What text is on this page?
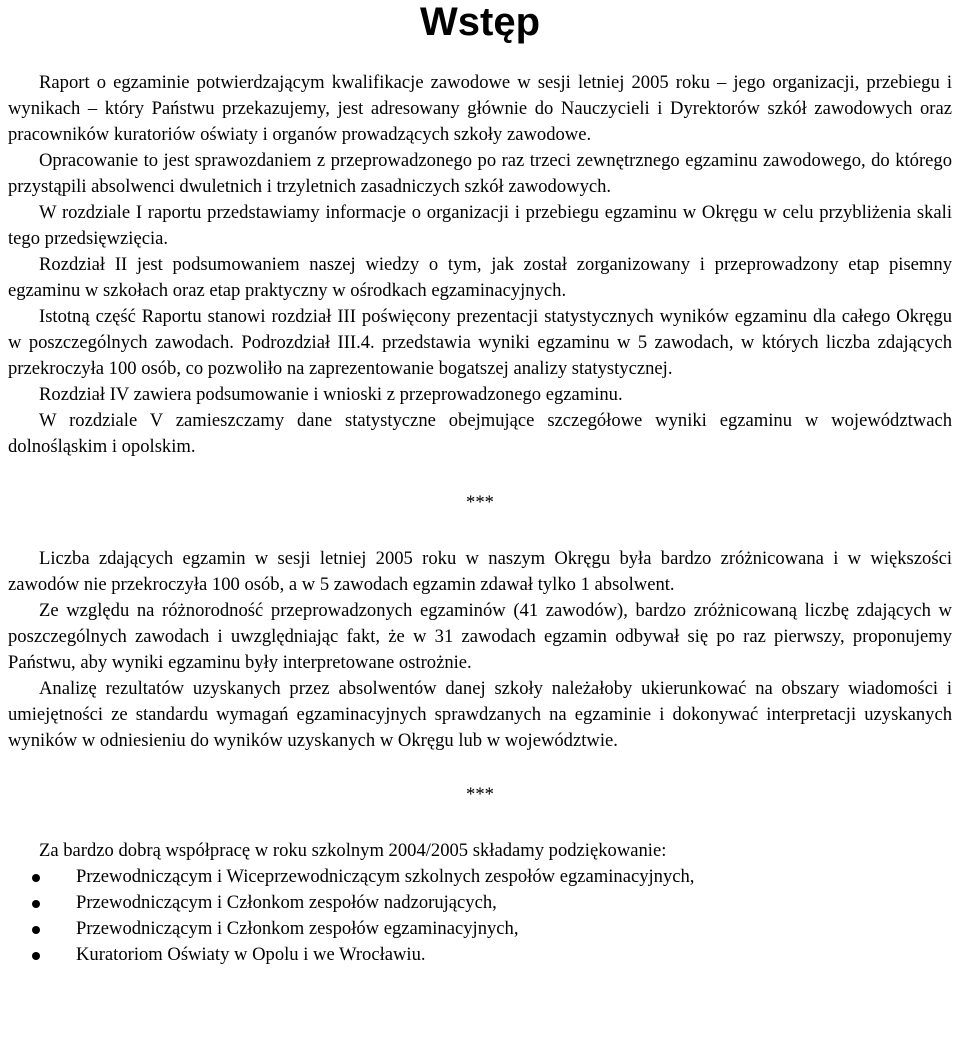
Wstęp

Raport o egzaminie potwierdzającym kwalifikacje zawodowe w sesji letniej 2005 roku – jego organizacji, przebiegu i wynikach – który Państwu przekazujemy, jest adresowany głównie do Nauczycieli i Dyrektorów szkół zawodowych oraz pracowników kuratoriów oświaty i organów prowadzących szkoły zawodowe.

Opracowanie to jest sprawozdaniem z przeprowadzonego po raz trzeci zewnętrznego egzaminu zawodowego, do którego przystąpili absolwenci dwuletnich i trzyletnich zasadniczych szkół zawodowych.

W rozdziale I raportu przedstawiamy informacje o organizacji i przebiegu egzaminu w Okręgu w celu przybliżenia skali tego przedsięwzięcia.

Rozdział II jest podsumowaniem naszej wiedzy o tym, jak został zorganizowany i przeprowadzony etap pisemny egzaminu w szkołach oraz etap praktyczny w ośrodkach egzaminacyjnych.

Istotną część Raportu stanowi rozdział III poświęcony prezentacji statystycznych wyników egzaminu dla całego Okręgu w poszczególnych zawodach. Podrozdział III.4. przedstawia wyniki egzaminu w 5 zawodach, w których liczba zdających przekroczyła 100 osób, co pozwoliło na zaprezentowanie bogatszej analizy statystycznej.

Rozdział IV zawiera podsumowanie i wnioski z przeprowadzonego egzaminu.

W rozdziale V zamieszczamy dane statystyczne obejmujące szczegółowe wyniki egzaminu w województwach dolnośląskim i opolskim.

***

Liczba zdających egzamin w sesji letniej 2005 roku w naszym Okręgu była bardzo zróżnicowana i w większości zawodów nie przekroczyła 100 osób, a w 5 zawodach egzamin zdawał tylko 1 absolwent.

Ze względu na różnorodność przeprowadzonych egzaminów (41 zawodów), bardzo zróżnicowaną liczbę zdających w poszczególnych zawodach i uwzględniając fakt, że w 31 zawodach egzamin odbywał się po raz pierwszy, proponujemy Państwu, aby wyniki egzaminu były interpretowane ostrożnie.

Analizę rezultatów uzyskanych przez absolwentów danej szkoły należałoby ukierunkować na obszary wiadomości i umiejętności ze standardu wymagań egzaminacyjnych sprawdzanych na egzaminie i dokonywać interpretacji uzyskanych wyników w odniesieniu do wyników uzyskanych w Okręgu lub w województwie.

***

Za bardzo dobrą współpracę w roku szkolnym 2004/2005 składamy podziękowanie:

Przewodniczącym i Wiceprzewodniczącym szkolnych zespołów egzaminacyjnych,
Przewodniczącym i Członkom zespołów nadzorujących,
Przewodniczącym i Członkom zespołów egzaminacyjnych,
Kuratoriom Oświaty w Opolu i we Wrocławiu.
